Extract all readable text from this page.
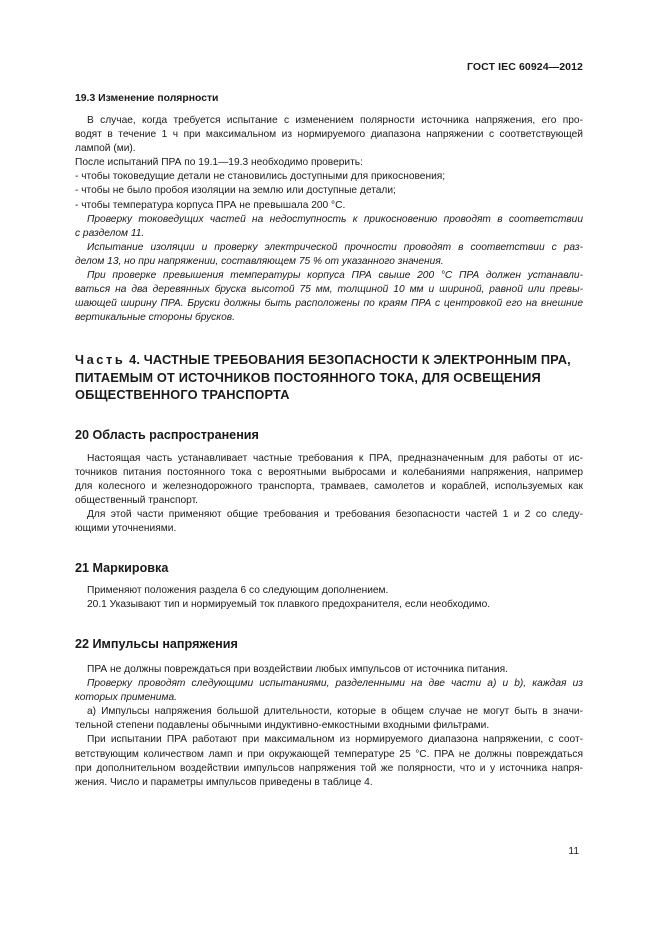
ГОСТ IEC 60924—2012
19.3 Изменение полярности
В случае, когда требуется испытание с изменением полярности источника напряжения, его про-
водят в течение 1 ч при максимальном из нормируемого диапазона напряжении с соответствующей
лампой (ми).
После испытаний ПРА по 19.1—19.3 необходимо проверить:
- чтобы токоведущие детали не становились доступными для прикосновения;
- чтобы не было пробоя изоляции на землю или доступные детали;
- чтобы температура корпуса ПРА не превышала 200 °С.
Проверку токоведущих частей на недоступность к прикосновению проводят в соответствии
с разделом 11.
Испытание изоляции и проверку электрической прочности проводят в соответствии с раз-
делом 13, но при напряжении, составляющем 75 % от указанного значения.
При проверке превышения температуры корпуса ПРА свыше 200 °С ПРА должен устанавли-
ваться на два деревянных бруска высотой 75 мм, толщиной 10 мм и шириной, равной или превы-
шающей ширину ПРА. Бруски должны быть расположены по краям ПРА с центровкой его на внешние
вертикальные стороны брусков.
Часть 4. ЧАСТНЫЕ ТРЕБОВАНИЯ БЕЗОПАСНОСТИ К ЭЛЕКТРОННЫМ ПРА,
ПИТАЕМЫМ ОТ ИСТОЧНИКОВ ПОСТОЯННОГО ТОКА, ДЛЯ ОСВЕЩЕНИЯ
ОБЩЕСТВЕННОГО ТРАНСПОРТА
20 Область распространения
Настоящая часть устанавливает частные требования к ПРА, предназначенным для работы от ис-
точников питания постоянного тока с вероятными выбросами и колебаниями напряжения, например
для колесного и железнодорожного транспорта, трамваев, самолетов и кораблей, используемых как
общественный транспорт.
Для этой части применяют общие требования и требования безопасности частей 1 и 2 со следу-
ющими уточнениями.
21 Маркировка
Применяют положения раздела 6 со следующим дополнением.
20.1 Указывают тип и нормируемый ток плавкого предохранителя, если необходимо.
22 Импульсы напряжения
ПРА не должны повреждаться при воздействии любых импульсов от источника питания.
Проверку проводят следующими испытаниями, разделенными на две части a) и b), каждая из
которых применима.
а) Импульсы напряжения большой длительности, которые в общем случае не могут быть в значи-
тельной степени подавлены обычными индуктивно-емкостными входными фильтрами.
При испытании ПРА работают при максимальном из нормируемого диапазона напряжении, с соот-
ветствующим количеством ламп и при окружающей температуре 25 °С. ПРА не должны повреждаться
при дополнительном воздействии импульсов напряжения той же полярности, что и у источника напря-
жения. Число и параметры импульсов приведены в таблице 4.
11
